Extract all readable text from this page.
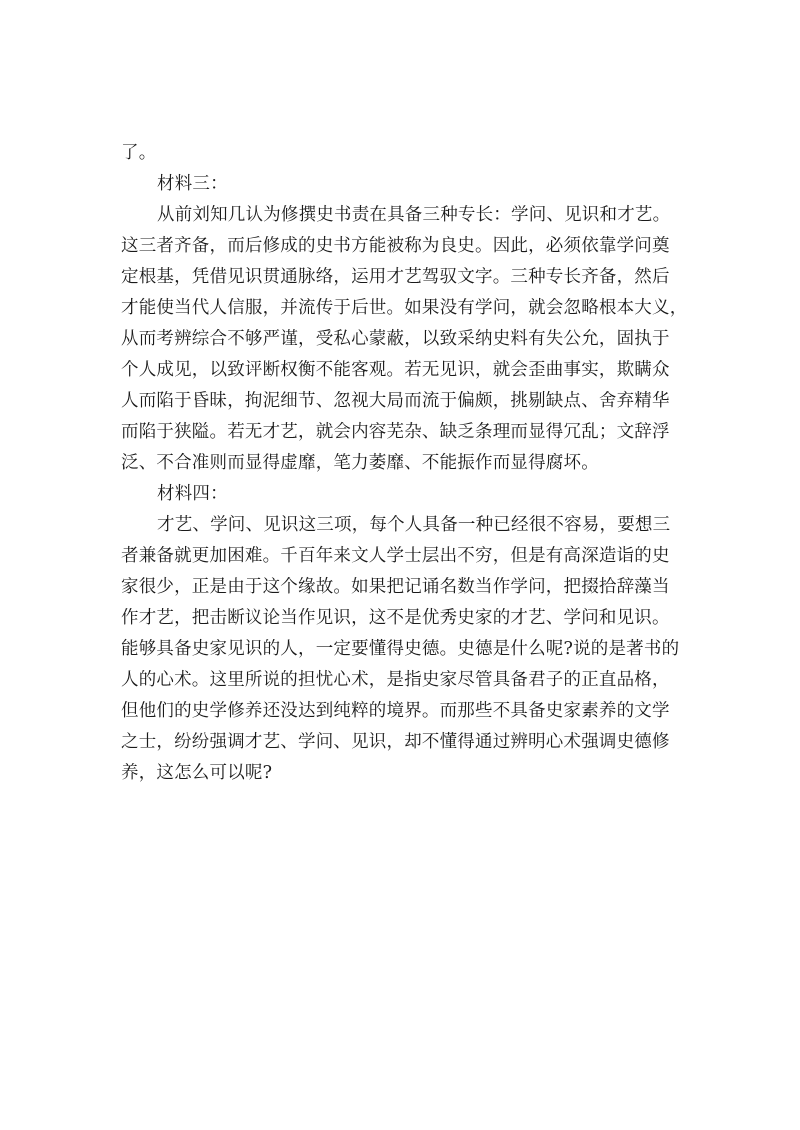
了。
材料三：
从前刘知几认为修撰史书责在具备三种专长：学问、见识和才艺。
这三者齐备，而后修成的史书方能被称为良史。因此，必须依靠学问奠
定根基，凭借见识贯通脉络，运用才艺驾驭文字。三种专长齐备，然后
才能使当代人信服，并流传于后世。如果没有学问，就会忽略根本大义，
从而考辨综合不够严谨，受私心蒙蔽，以致采纳史料有失公允，固执于
个人成见，以致评断权衡不能客观。若无见识，就会歪曲事实，欺瞒众
人而陷于昏昧，拘泥细节、忽视大局而流于偏颇，挑剔缺点、舍弃精华
而陷于狭隘。若无才艺，就会内容芜杂、缺乏条理而显得冗乱；文辞浮
泛、不合准则而显得虚靡，笔力萎靡、不能振作而显得腐坏。
材料四：
才艺、学问、见识这三项，每个人具备一种已经很不容易，要想三
者兼备就更加困难。千百年来文人学士层出不穷，但是有高深造诣的史
家很少，正是由于这个缘故。如果把记诵名数当作学问，把掇拾辞藻当
作才艺，把击断议论当作见识，这不是优秀史家的才艺、学问和见识。
能够具备史家见识的人，一定要懂得史德。史德是什么呢?说的是著书的
人的心术。这里所说的担忧心术，是指史家尽管具备君子的正直品格，
但他们的史学修养还没达到纯粹的境界。而那些不具备史家素养的文学
之士，纷纷强调才艺、学问、见识，却不懂得通过辨明心术强调史德修
养，这怎么可以呢?
